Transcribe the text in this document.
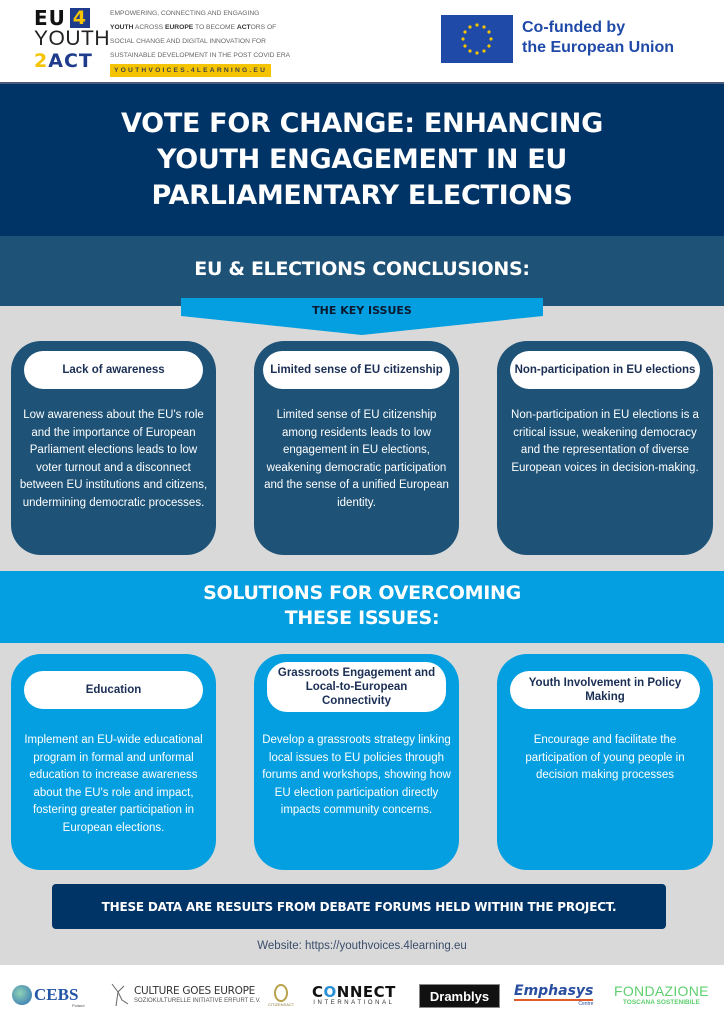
EU 4
YOUTH
2ACT
EMPOWERING, CONNECTING AND ENGAGING
YOUTH ACROSS EUROPE TO BECOME ACTORS OF
SOCIAL CHANGE AND DIGITAL INNOVATION FOR
SUSTAINABLE DEVELOPMENT IN THE POST COVID ERA
YOUTHVOICES.4LEARNING.EU
Co-funded by
the European Union
VOTE FOR CHANGE: ENHANCING
YOUTH ENGAGEMENT IN EU
PARLIAMENTARY ELECTIONS
EU & ELECTIONS CONCLUSIONS:
THE KEY ISSUES
Lack of awareness
Low awareness about the EU's role and the importance of European Parliament elections leads to low voter turnout and a disconnect between EU institutions and citizens, undermining democratic processes.
Limited sense of EU citizenship
Limited sense of EU citizenship among residents leads to low engagement in EU elections, weakening democratic participation and the sense of a unified European identity.
Non-participation in EU elections
Non-participation in EU elections is a critical issue, weakening democracy and the representation of diverse European voices in decision-making.
SOLUTIONS FOR OVERCOMING
THESE ISSUES:
Education
Implement an EU-wide educational program in formal and unformal education to increase awareness about the EU's role and impact, fostering greater participation in European elections.
Grassroots Engagement and Local-to-European Connectivity
Develop a grassroots strategy linking local issues to EU policies through forums and workshops, showing how EU election participation directly impacts community concerns.
Youth Involvement in Policy Making
Encourage and facilitate the participation of young people in decision making processes
THESE DATA ARE RESULTS FROM DEBATE FORUMS HELD WITHIN THE PROJECT.
Website: https://youthvoices.4learning.eu
CEBS
Poland
CULTURE GOES EUROPE
SOZIOKULTURELLE INITIATIVE ERFURT E.V.
CITIZENSACT
CONNECT
INTERNATIONAL	Dramblys Emphasys
Centre
FONDAZIONE
TOSCANA SOSTENIBILE
